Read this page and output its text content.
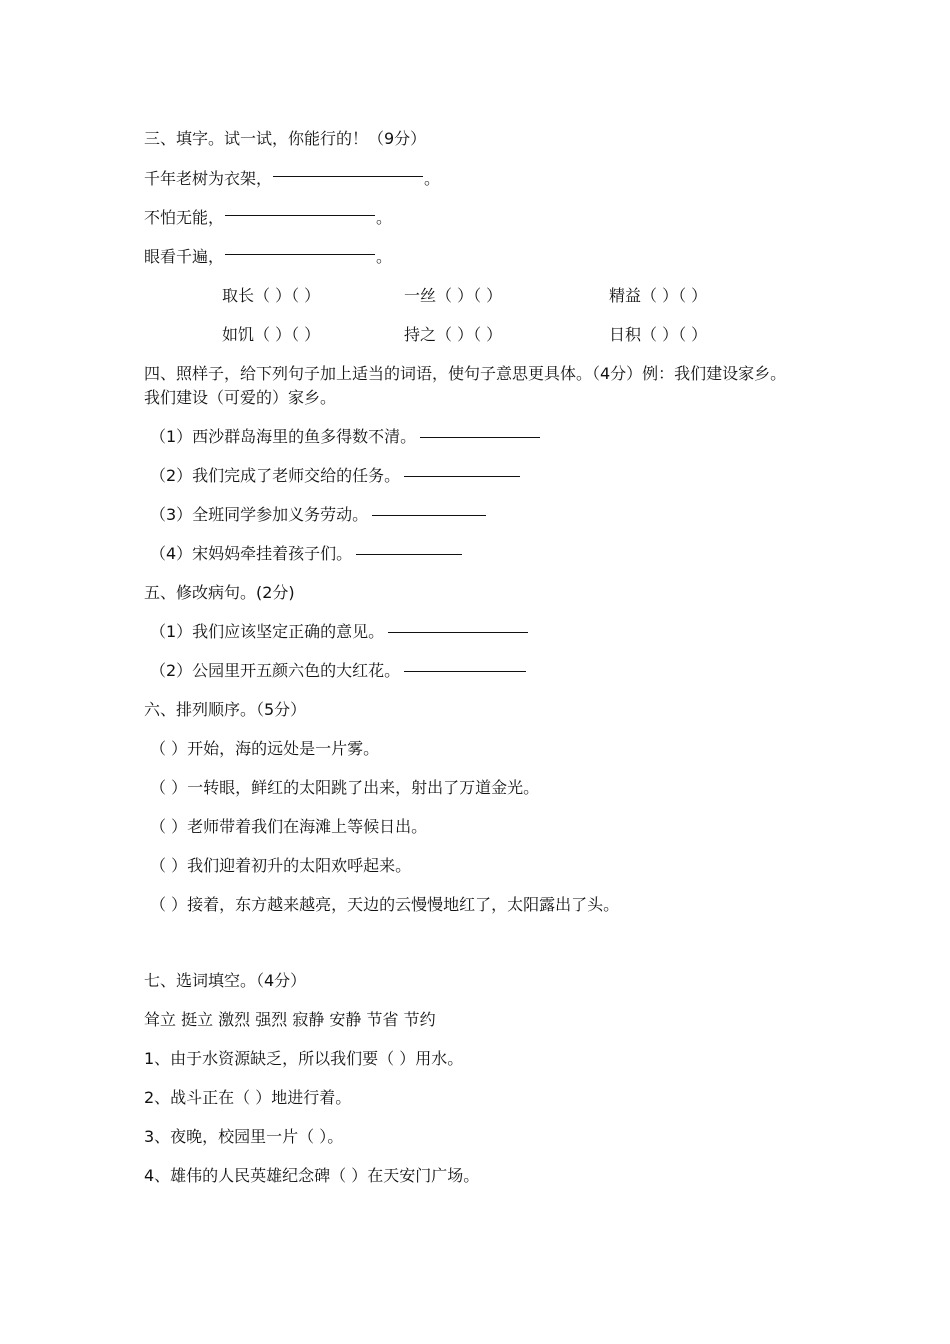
三、填字。试一试，你能行的！（9分）
千年老树为衣架，	。
不怕无能，	。
眼看千遍，	。
取长（ ）（ ）	一丝（ ）（ ）	精益（ ）（ ）
如饥（ ）（ ）	持之（ ）（ ）	日积（ ）（ ）
四、照样子，给下列句子加上适当的词语，使句子意思更具体。（4分）例：我们建设家乡。 我们建设（可爱的）家乡。
（1）西沙群岛海里的鱼多得数不清。
（2）我们完成了老师交给的任务。
（3）全班同学参加义务劳动。
（4）宋妈妈牵挂着孩子们。
五、修改病句。(2分)
（1）我们应该坚定正确的意见。
（2）公园里开五颜六色的大红花。
六、排列顺序。（5分）
（ ）开始，海的远处是一片雾。
（ ）一转眼，鲜红的太阳跳了出来，射出了万道金光。
（ ）老师带着我们在海滩上等候日出。
（ ）我们迎着初升的太阳欢呼起来。
（ ）接着，东方越来越亮，天边的云慢慢地红了，太阳露出了头。
七、选词填空。（4分）
耸立 挺立 激烈 强烈 寂静 安静 节省 节约
1、由于水资源缺乏，所以我们要（ ）用水。
2、战斗正在（ ）地进行着。
3、夜晚，校园里一片（ ）。
4、雄伟的人民英雄纪念碑（ ）在天安门广场。
